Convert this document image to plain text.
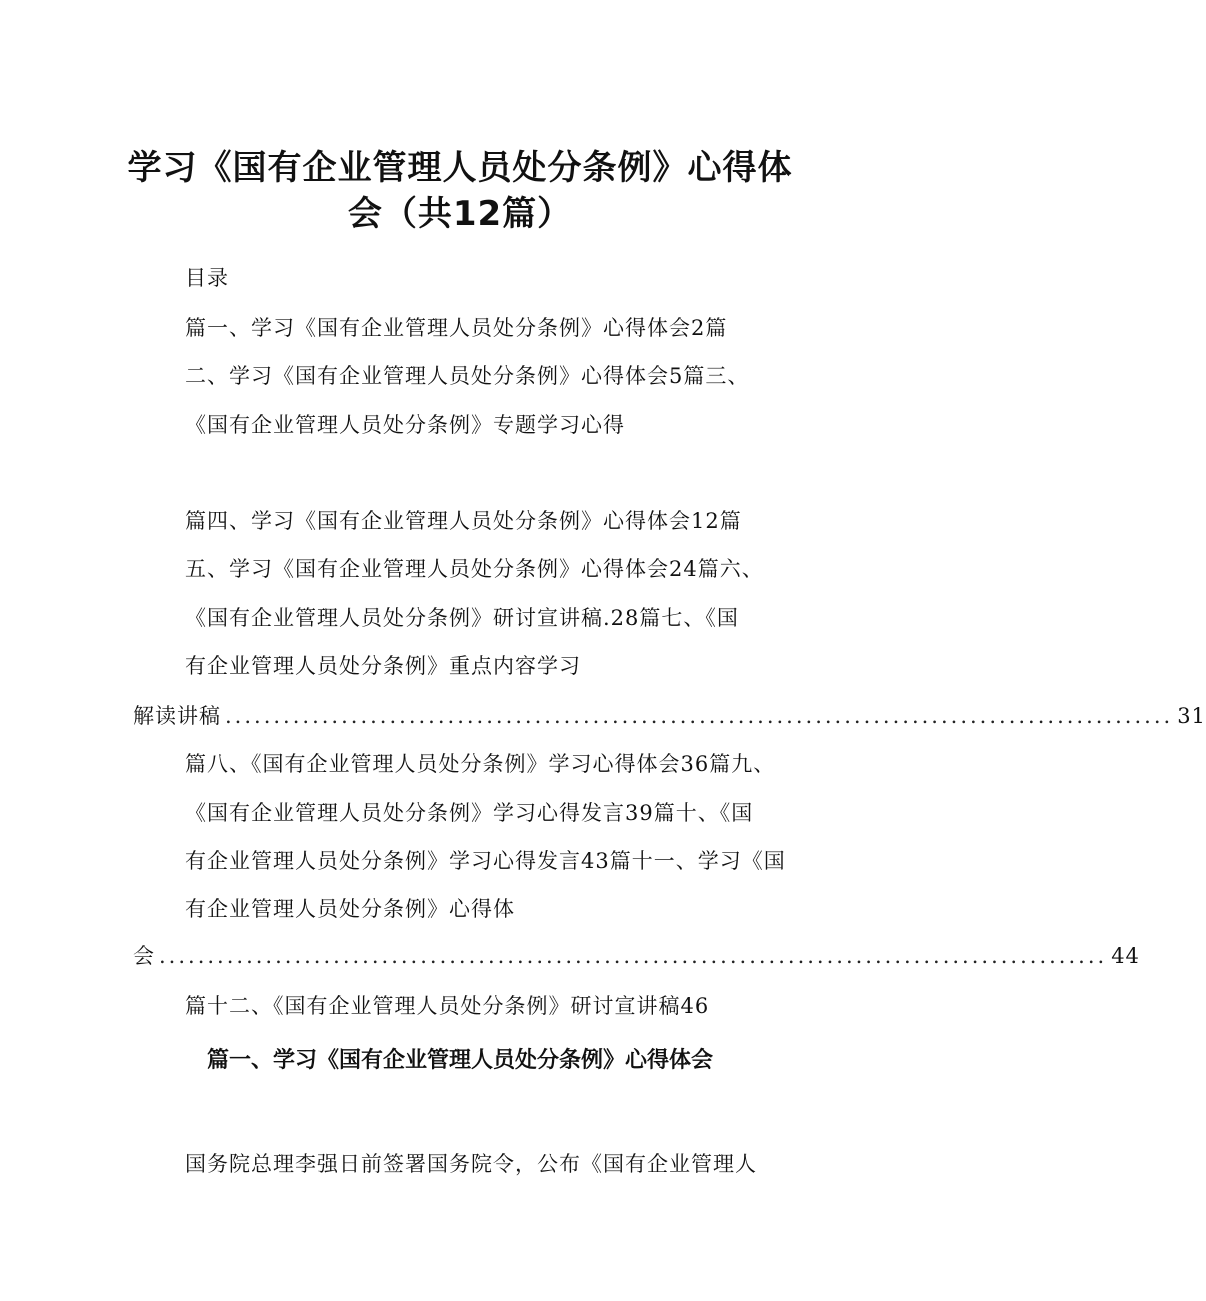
学习《国有企业管理人员处分条例》心得体
会（共12篇）
目录
篇一、学习《国有企业管理人员处分条例》心得体会2篇
二、学习《国有企业管理人员处分条例》心得体会5篇三、
《国有企业管理人员处分条例》专题学习心得
篇四、学习《国有企业管理人员处分条例》心得体会12篇
五、学习《国有企业管理人员处分条例》心得体会24篇六、
《国有企业管理人员处分条例》研讨宣讲稿.28篇七、《国
有企业管理人员处分条例》重点内容学习
解读讲稿 .................................................................................................. 31
篇八、《国有企业管理人员处分条例》学习心得体会36篇九、
《国有企业管理人员处分条例》学习心得发言39篇十、《国
有企业管理人员处分条例》学习心得发言43篇十一、学习《国
有企业管理人员处分条例》心得体
会 .................................................................................................. 44
篇十二、《国有企业管理人员处分条例》研讨宣讲稿46
篇一、学习《国有企业管理人员处分条例》心得体会
国务院总理李强日前签署国务院令，公布《国有企业管理人
